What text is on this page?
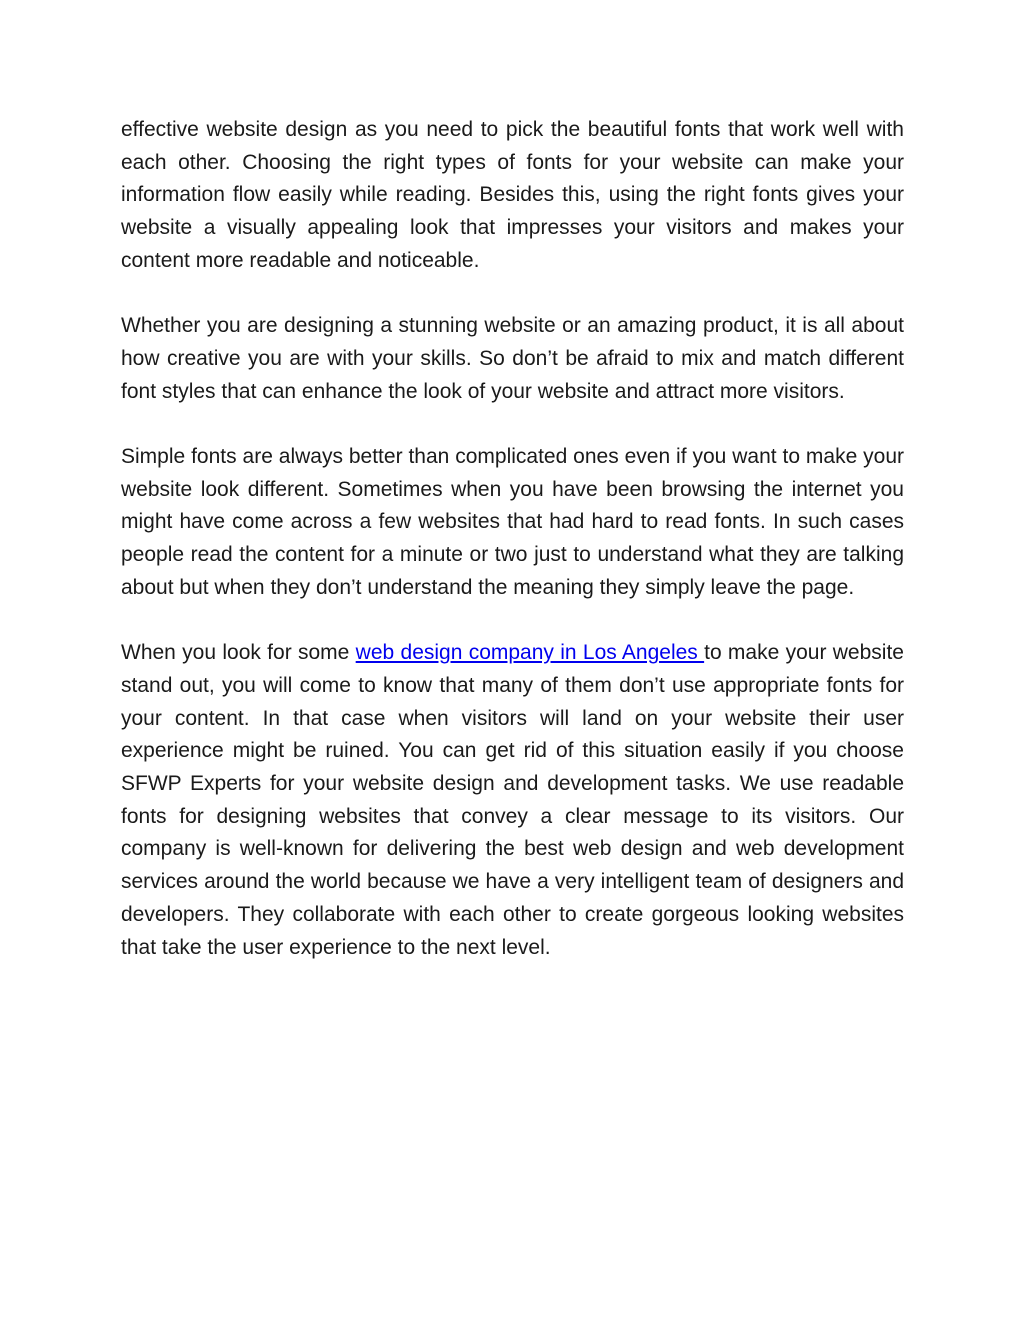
effective website design as you need to pick the beautiful fonts that work well with each other. Choosing the right types of fonts for your website can make your information flow easily while reading. Besides this, using the right fonts gives your website a visually appealing look that impresses your visitors and makes your content more readable and noticeable.

Whether you are designing a stunning website or an amazing product, it is all about how creative you are with your skills. So don’t be afraid to mix and match different font styles that can enhance the look of your website and attract more visitors.

Simple fonts are always better than complicated ones even if you want to make your website look different. Sometimes when you have been browsing the internet you might have come across a few websites that had hard to read fonts. In such cases people read the content for a minute or two just to understand what they are talking about but when they don’t understand the meaning they simply leave the page.

When you look for some web design company in Los Angeles to make your website stand out, you will come to know that many of them don’t use appropriate fonts for your content. In that case when visitors will land on your website their user experience might be ruined. You can get rid of this situation easily if you choose SFWP Experts for your website design and development tasks. We use readable fonts for designing websites that convey a clear message to its visitors. Our company is well-known for delivering the best web design and web development services around the world because we have a very intelligent team of designers and developers. They collaborate with each other to create gorgeous looking websites that take the user experience to the next level.
